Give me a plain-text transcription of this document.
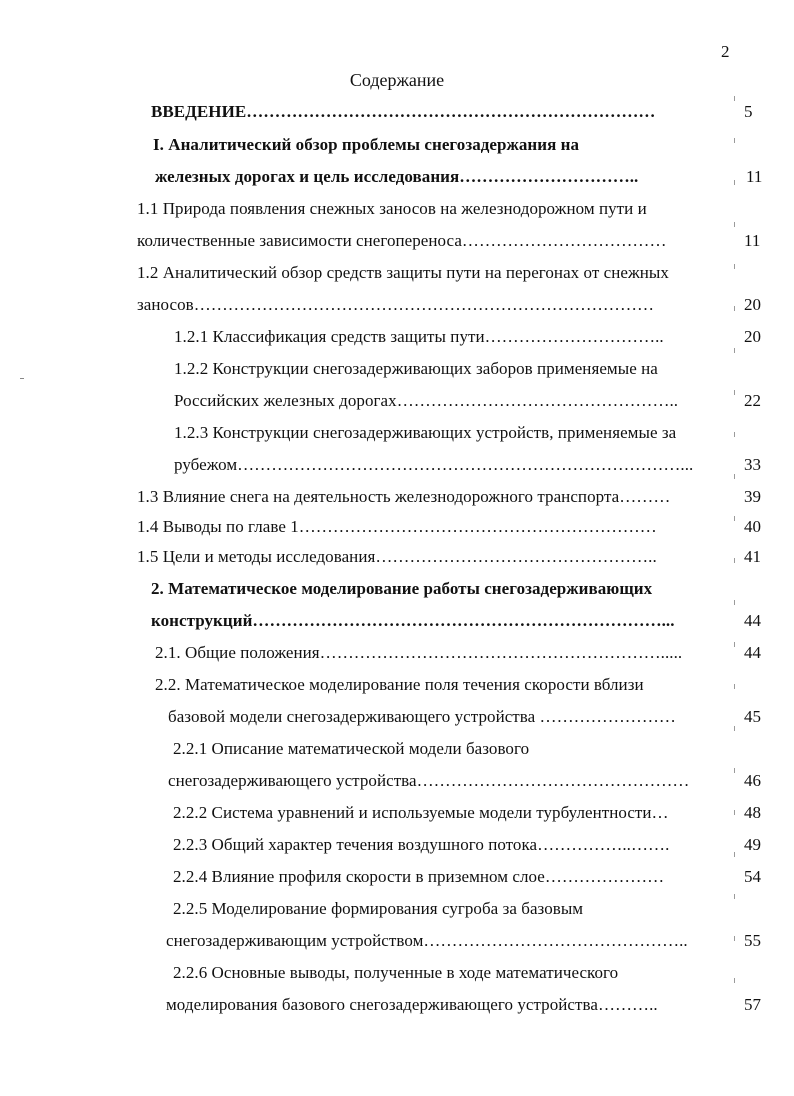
2
Содержание
ВВЕДЕНИЕ………………………………………………………………	5
I. Аналитический обзор проблемы снегозадержания на
железных дорогах и цель исследования…………………………..	11
1.1 Природа появления снежных заносов на железнодорожном пути и
количественные зависимости снегопереноса………………………………	11
1.2 Аналитический обзор средств защиты пути на перегонах от снежных
заносов………………………………………………………………………	20
1.2.1 Классификация средств защиты пути…………………………..	20
1.2.2 Конструкции снегозадерживающих заборов применяемые на
Российских железных дорогах…………………………………………..	22
1.2.3 Конструкции снегозадерживающих устройств, применяемые за
рубежом……………………………………………………………………...	33
1.3 Влияние снега на деятельность железнодорожного транспорта………	39
1.4 Выводы по главе 1………………………………………………………	40
1.5 Цели и методы исследования…………………………………………..	41
2. Математическое моделирование работы снегозадерживающих
конструкций………………………………………………………………...	44
2.1. Общие положения…………………………………………………….....	44
2.2. Математическое моделирование поля течения скорости вблизи
базовой модели снегозадерживающего устройства ……………………	45
2.2.1 Описание математической модели базового
снегозадерживающего устройства…………………………………………	46
2.2.2 Система уравнений и используемые модели турбулентности…	48
2.2.3 Общий характер течения воздушного потока……………..…….	49
2.2.4 Влияние профиля скорости в приземном слое…………………	54
2.2.5 Моделирование формирования сугроба за базовым
снегозадерживающим устройством………………………………………..	55
2.2.6 Основные выводы, полученные в ходе математического
моделирования базового снегозадерживающего устройства………..	57
